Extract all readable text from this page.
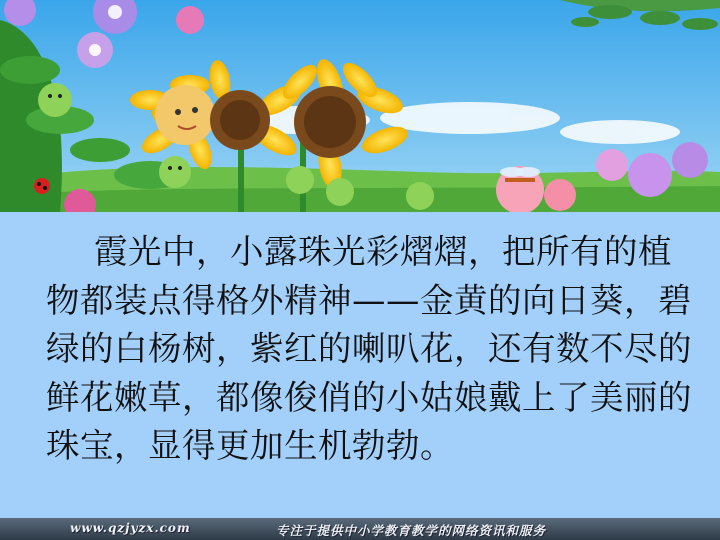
霞光中，小露珠光彩熠熠，把所有的植物都装点得格外精神——金黄的向日葵，碧绿的白杨树，紫红的喇叭花，还有数不尽的鲜花嫩草，都像俊俏的小姑娘戴上了美丽的珠宝，显得更加生机勃勃。

www.qzjyzx.com	专注于提供中小学教育教学的网络资讯和服务
